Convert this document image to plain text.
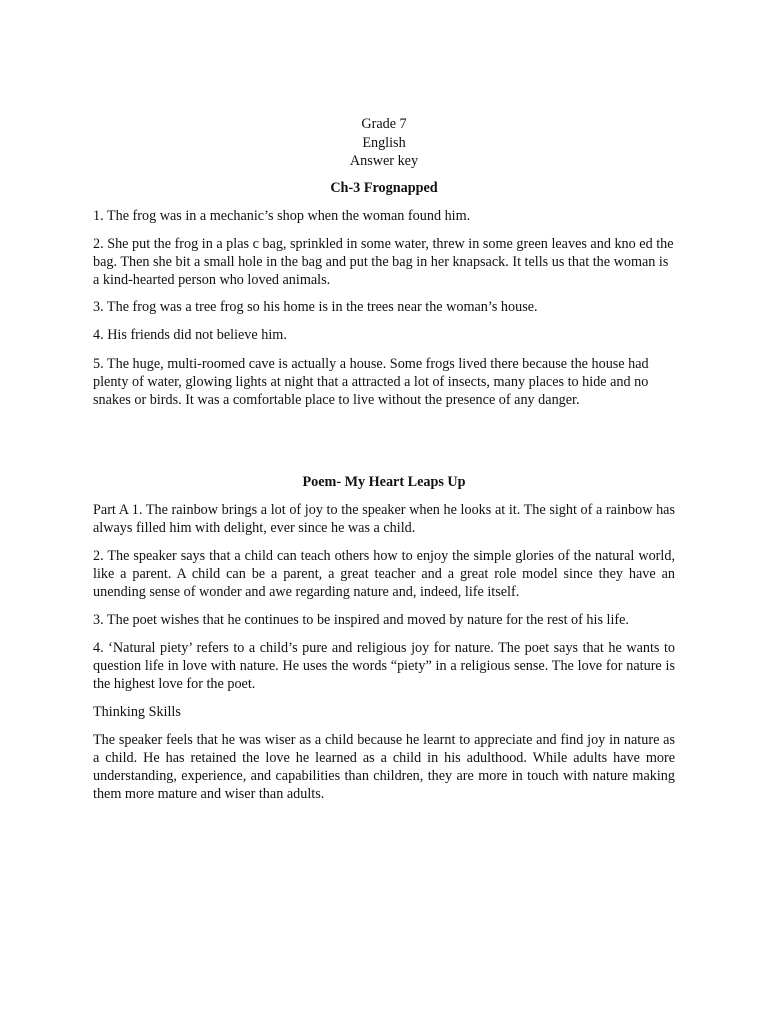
Grade 7
English
Answer key
Ch-3 Frognapped

1. The frog was in a mechanic’s shop when the woman found him.

2. She put the frog in a plas c bag, sprinkled in some water, threw in some green leaves and kno ed the bag. Then she bit a small hole in the bag and put the bag in her knapsack. It tells us that the woman is a kind-hearted person who loved animals.

3. The frog was a tree frog so his home is in the trees near the woman’s house.

4. His friends did not believe him.

5. The huge, multi-roomed cave is actually a house. Some frogs lived there because the house had plenty of water, glowing lights at night that a attracted a lot of insects, many places to hide and no snakes or birds. It was a comfortable place to live without the presence of any danger.

Poem- My Heart Leaps Up

Part A 1. The rainbow brings a lot of joy to the speaker when he looks at it. The sight of a rainbow has always filled him with delight, ever since he was a child.

2. The speaker says that a child can teach others how to enjoy the simple glories of the natural world, like a parent. A child can be a parent, a great teacher and a great role model since they have an unending sense of wonder and awe regarding nature and, indeed, life itself.

3. The poet wishes that he continues to be inspired and moved by nature for the rest of his life.

4. ‘Natural piety’ refers to a child’s pure and religious joy for nature. The poet says that he wants to question life in love with nature. He uses the words “piety” in a religious sense. The love for nature is the highest love for the poet.

Thinking Skills

The speaker feels that he was wiser as a child because he learnt to appreciate and find joy in nature as a child. He has retained the love he learned as a child in his adulthood. While adults have more understanding, experience, and capabilities than children, they are more in touch with nature making them more mature and wiser than adults.
